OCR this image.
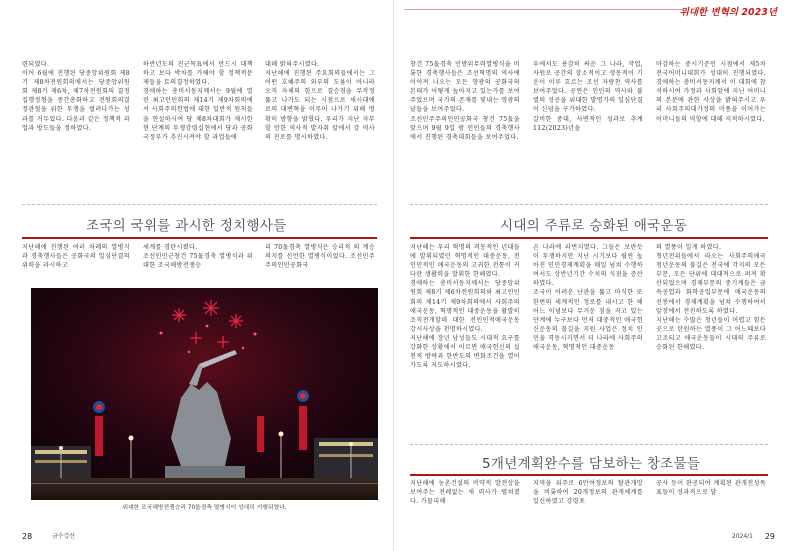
위대한 변혁의 2023년

련되였다.
이어 6월에 진행된 당중앙위원회 제8기 제8차전원회의에서는 당중앙위원회 제8기 제6차, 제7차전원회의 결정 집행정형을 중간총화하고 전원회의결정관철을 위한 투쟁을 벌려나가는 성과를 거두었다. 다음과 같은 정책적 과업과 방도들을 정하였다.

하반년도의 진군목표에서 만드시 대책하고 보다 박차를 가해야 할 정책적문제들을 토의결정하였다.
경애하는 총비서동지께서는 9월에 열린 최고인민회의 제14기 제9차회의에서 사회주의헌법에 대한 일반적 원칙들을 연설하시여 당 제8차대회가 제시한 현 단계의 투쟁강령실현에서 당과 공화국정부가 추진시켜야 할 과업들에

대해 밝혀주시였다.
지난해에 진행된 주요회의들에서는 그 어떤 호혜주의 외부의 도움이 아니라 오직 자체의 힘으로 결승점을 무작정 뚫고 나가도 되는 시점으로 새시대에 로의 대변혁을 이루어 나가기 위해 명확히 방향을 밝혔다. 우리가 지난 자부할 만한 역사적 발자취 앞에서 강 역사의 진로를 명시하였다.

조국의 국위를 과시한 정치행사들

지난해에 진행된 여러 차례의 열병식과 경축행사들은 공화국의 일심단결의 위력을 과시하고

세계를 경탄시켰다.
조선인민군창건 75돐경축 열병식과 위대한 조국해방전쟁승

리 70돐경축 열병식은 승리적 의 계승의지를 선언한 열병식이었다. 조선민주주의인민공화국

위대한 조국해방전쟁승리 70돐경축 열병식이 성대히 거행되였다.
28	금수강산

창건 75돐경축 민방위무력열병식을 비롯한 경축행사들은 조선혁명의 역사에 이어져 나오는 모든 영광의 공화국의 본태가 어떻게 높아지고 있는가를 보여주었으며 국가의 존재를 빛내는 영광의 날들을 보여주었다.
조선민주주의인민공화국 창건 75돐을 맞으며 9월 9일 밤 인민들의 경축행사에서 진행된 경축대회들을 보여주었다.

우에서도 용감히 싸운 그 나라, 작업, 자원로 공간의 장소적이고 생동적이 기운이 이루 흐르는 조선 자랑찬 역사를 보여주었다. 공연은 인민의 역사와 불멸의 성공을 위대한 발명가의 일심단결이 신념을 구가하였다.
갈비한 중대, 사변적인 성과로 추계112(2023)년을

마감하는 중시기준인 시점에서 제5차 전국어머니대회가 성대히 진행되였다. 경애하는 총비서동지께서 이 대회에 참석하시여 가정과 사회앞에 지닌 어머니의 본분에 관한 사상을 밝혀주시고 우리 사회주의대가정의 미풍을 이어가는 어머니들의 역할에 대해 지적하시였다.

시대의 주류로 승화된 애국운동

지난해는 우리 혁명의 격동적인 년대들에 발휘되였던 혁명적인 대중운동, 전인민적인 애국운동의 고귀한 전통이 커다란 생활력을 발휘한 한해였다.
경애하는 총비서동지께서는 당중앙위원회 제8기 제6차전원회의와 최고인민회의 제14기 제9차회의에서 사회주의애국운동, 혁명적인 대중운동을 활발히 조직전개할데 대한 전인민적애국운동강시사상을 천명하시였다.
지난해에 장년 남성들도 시대적 요구를 강화한 상황에서 이르면 애국헌신의 실천적 방략과 한반도의 변화조건을 열어가도록 지도하시였다.

손 나라에 라번지였다. 그들은 보란듯이 투쟁하지만 지난 시기보다 월씬 높아진 인민경제계획을 매일 넘쳐 수행하여서도 상반년기간 수치의 식점을 증산하였다.
조국이 어려운 난관을 뚫고 마식한 또 한번의 세계적인 정로를 내시고 한 해 어느 이념보다 무거운 짐을 지고 있는 단계에 누구보다 먼저 대중적인 애국헌신운동의 물길을 지원 사업은 정치 인민을 격동시키면서 더 나라에 사회주의애국운동, 혁명적인 대중운동

의 열풍이 일게 하였다.
청년전위들에서 라오는 사회주의애국청년운동의 불길은 전국에 각지의 모든 부문, 모든 단위에 대대적으로 퍼져 확산되었으며 경제부문의 중기계들은 금속공업과 화학공업부문에 애국운동의 선봉에서 경제계획을 넘쳐 수행하여서 앞장에서 전진하도록 하였다.
지난해는 수많은 청년들이 어렵고 힘든 곳으로 탄원하는 열풍이 그 어느때보다 고조되고 애국운동들이 시대의 주류로 승화된 한해였다.

5개년계획완수를 담보하는 창조물들

지난해에 농촌건설의 비약적 발전상을 보여주는 전례없는 새 력사가 펼쳐졌다. 가물피해

지역을 위주로 6만여정보의 탈관개망을 비롯하여 20개정보의 관개체계를 일신하였고 강령포

공사 등이 완공되여 계획된 관개전성목표들이 성과적으로 달

2024/1 29
